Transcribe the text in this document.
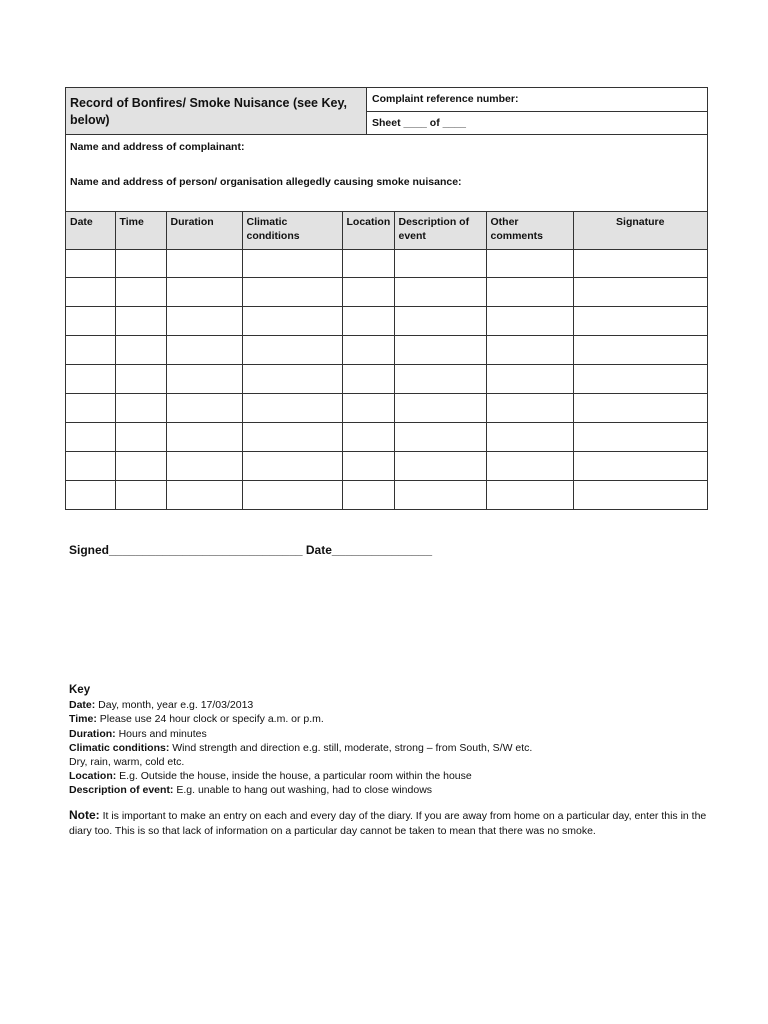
Record of Bonfires/ Smoke Nuisance (see Key, below)
Complaint reference number:
Sheet ____ of ____
Name and address of complainant:
Name and address of person/ organisation allegedly causing smoke nuisance:
Date	Time	Duration	Climatic conditions	Location	Description of event	Other comments	Signature

Signed_____________________________ Date_______________
Key
Date: Day, month, year e.g. 17/03/2013
Time: Please use 24 hour clock or specify a.m. or p.m.
Duration: Hours and minutes
Climatic conditions: Wind strength and direction e.g. still, moderate, strong – from South, S/W etc.
Dry, rain, warm, cold etc.
Location: E.g. Outside the house, inside the house, a particular room within the house
Description of event: E.g. unable to hang out washing, had to close windows
Note: It is important to make an entry on each and every day of the diary. If you are away from home on a particular day, enter this in the diary too. This is so that lack of information on a particular day cannot be taken to mean that there was no smoke.
